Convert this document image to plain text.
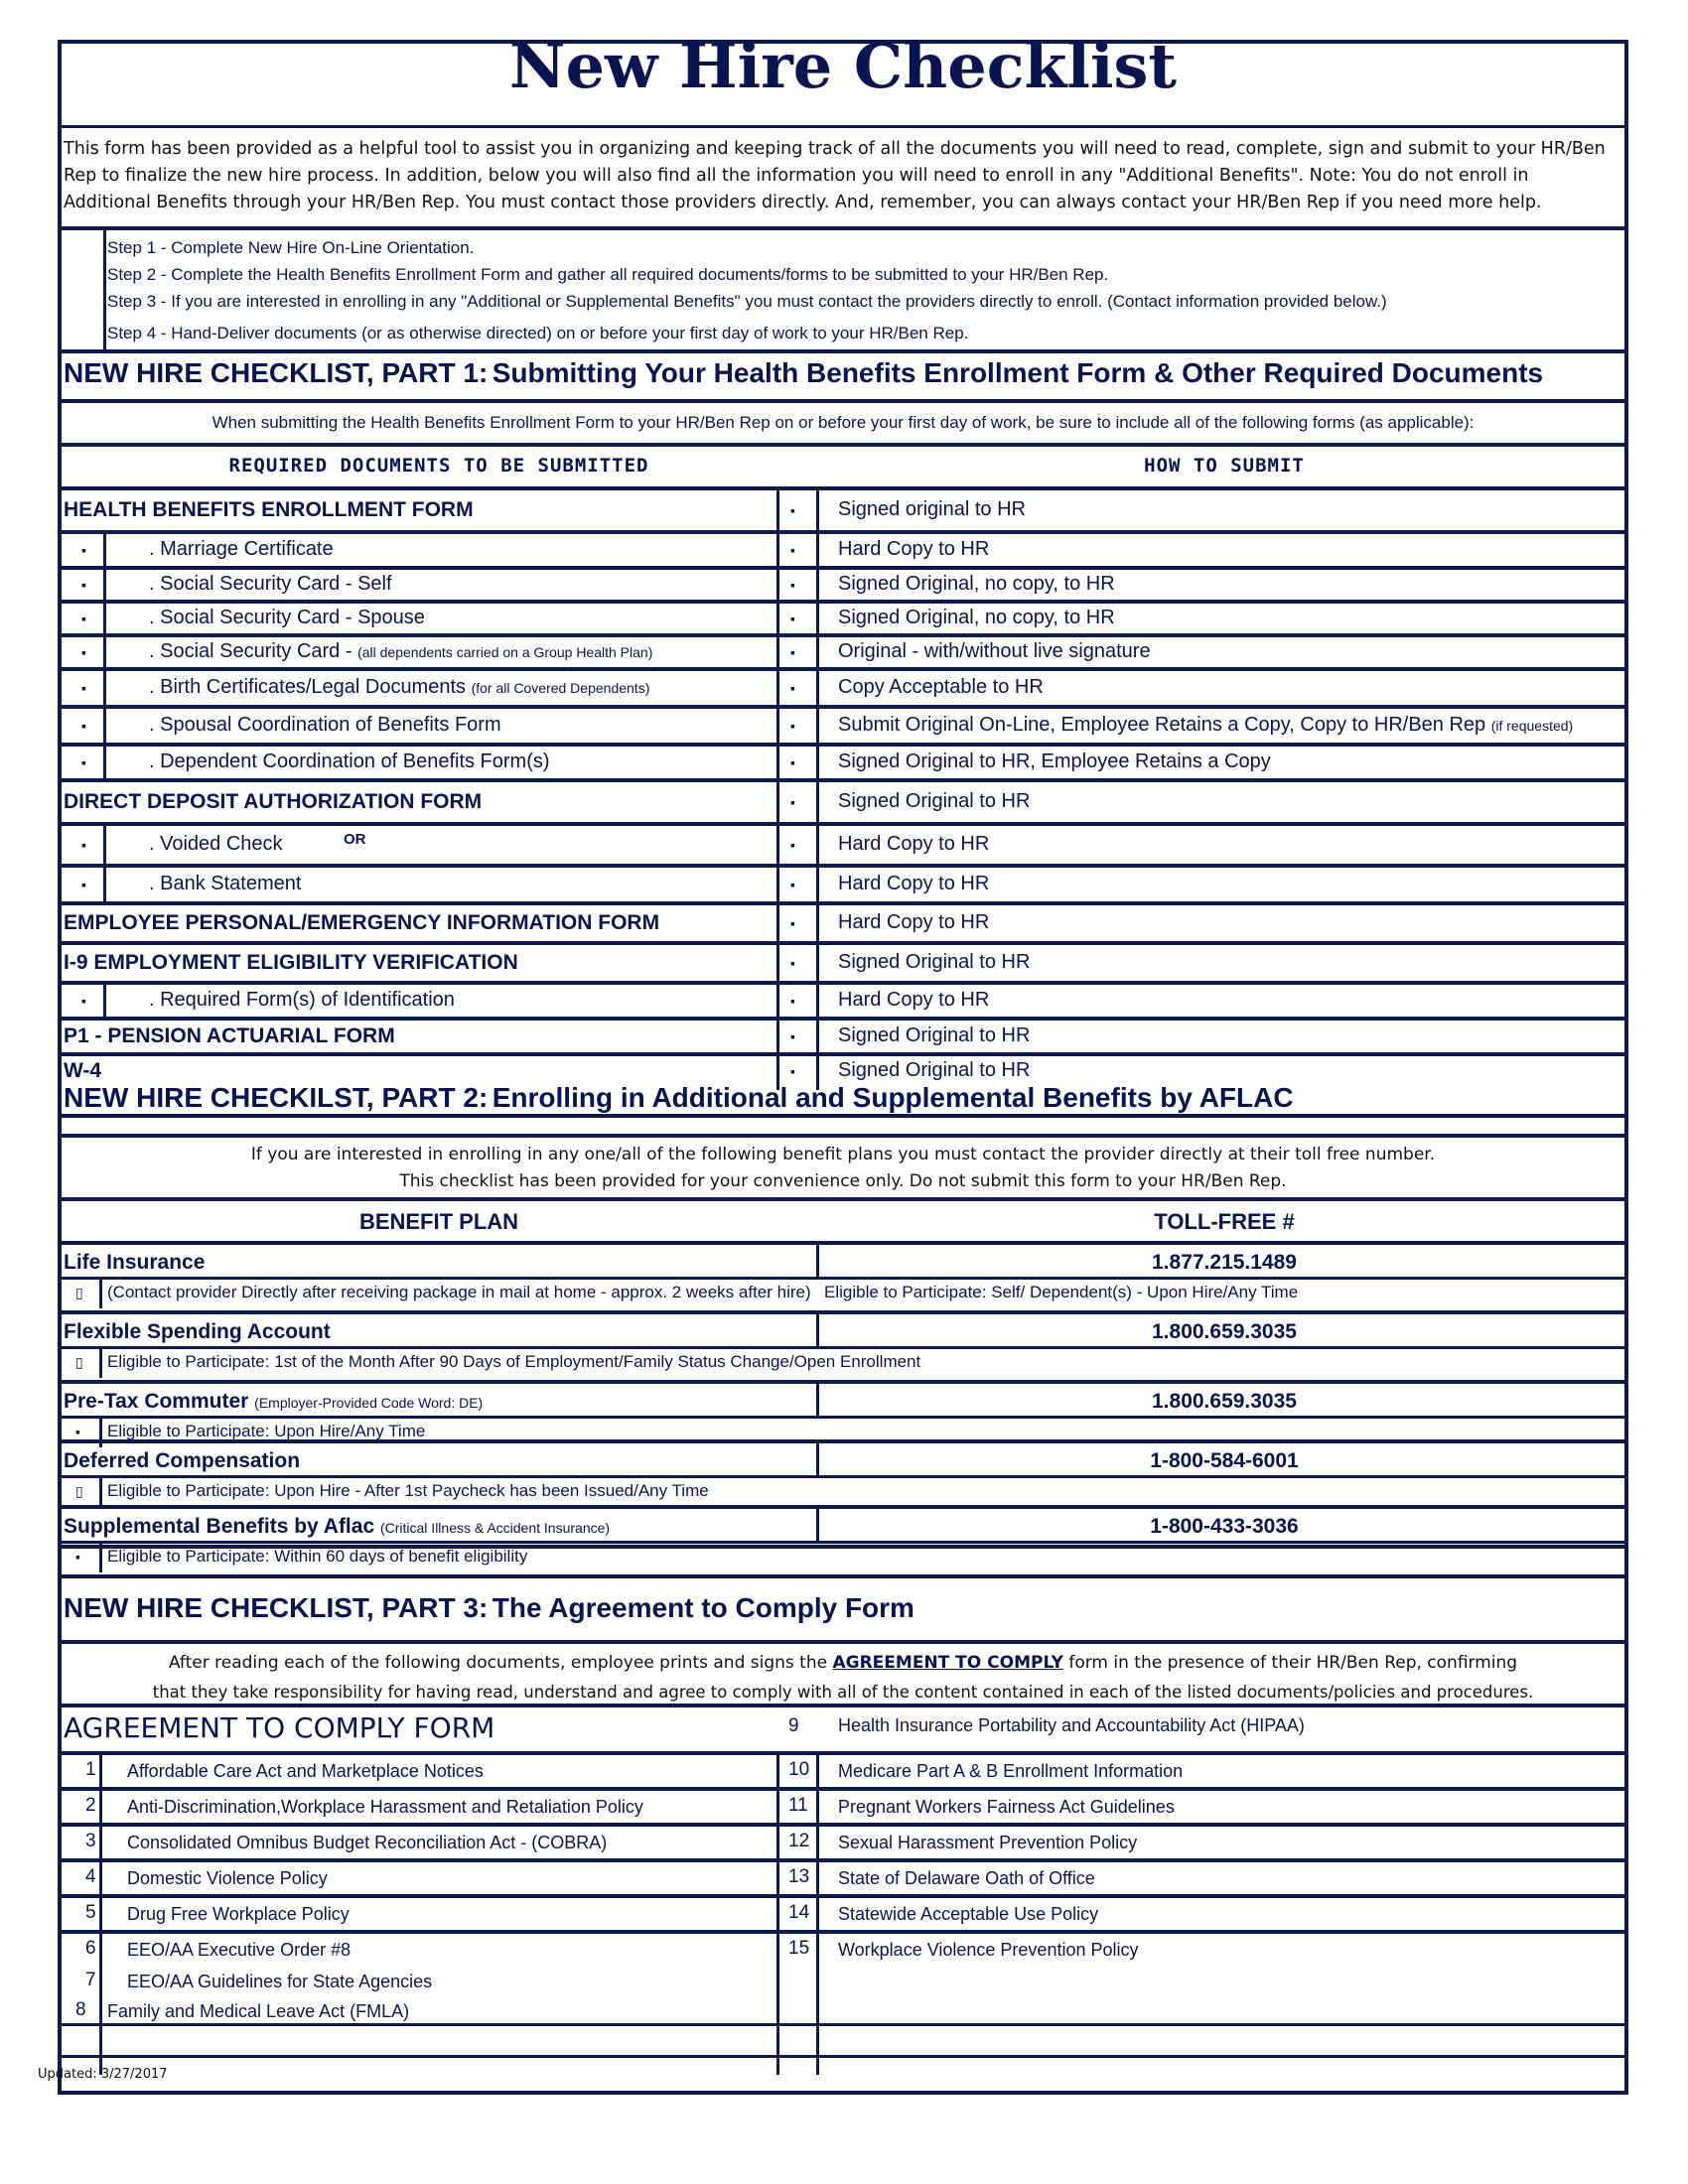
New Hire Checklist
This form has been provided as a helpful tool to assist you in organizing and keeping track of all the documents you will need to read, complete, sign and submit to your HR/Ben Rep to finalize the new hire process. In addition, below you will also find all the information you will need to enroll in any "Additional Benefits". Note: You do not enroll in Additional Benefits through your HR/Ben Rep. You must contact those providers directly. And, remember, you can always contact your HR/Ben Rep if you need more help.
Step 1 - Complete New Hire On-Line Orientation.
Step 2 - Complete the Health Benefits Enrollment Form and gather all required documents/forms to be submitted to your HR/Ben Rep.
Step 3 - If you are interested in enrolling in any "Additional or Supplemental Benefits" you must contact the providers directly to enroll. (Contact information provided below.)
Step 4 - Hand-Deliver documents (or as otherwise directed) on or before your first day of work to your HR/Ben Rep.
NEW HIRE CHECKLIST, PART 1: Submitting Your Health Benefits Enrollment Form & Other Required Documents
When submitting the Health Benefits Enrollment Form to your HR/Ben Rep on or before your first day of work, be sure to include all of the following forms (as applicable):
REQUIRED DOCUMENTS TO BE SUBMITTED	HOW TO SUBMIT
HEALTH BENEFITS ENROLLMENT FORM	▪ Signed original to HR
▪	. Marriage Certificate	▪ Hard Copy to HR
▪	. Social Security Card - Self	▪ Signed Original, no copy, to HR
▪	. Social Security Card - Spouse	▪ Signed Original, no copy, to HR
▪	. Social Security Card - (all dependents carried on a Group Health Plan)	▪ Original - with/without live signature
▪	. Birth Certificates/Legal Documents (for all Covered Dependents)	▪ Copy Acceptable to HR
▪	. Spousal Coordination of Benefits Form	▪ Submit Original On-Line, Employee Retains a Copy, Copy to HR/Ben Rep (if requested)
▪	. Dependent Coordination of Benefits Form(s)	▪ Signed Original to HR, Employee Retains a Copy
DIRECT DEPOSIT AUTHORIZATION FORM	▪ Signed Original to HR
▪	. Voided Check	▪ Hard Copy to HR
OR
▪	. Bank Statement	▪ Hard Copy to HR
EMPLOYEE PERSONAL/EMERGENCY INFORMATION FORM	▪ Hard Copy to HR
I-9 EMPLOYMENT ELIGIBILITY VERIFICATION	▪ Signed Original to HR
▪	. Required Form(s) of Identification	▪ Hard Copy to HR
P1 - PENSION ACTUARIAL FORM	▪ Signed Original to HR
W-4	▪ Signed Original to HR
NEW HIRE CHECKILST, PART 2: Enrolling in Additional and Supplemental Benefits by AFLAC
If you are interested in enrolling in any one/all of the following benefit plans you must contact the provider directly at their toll free number.
This checklist has been provided for your convenience only. Do not submit this form to your HR/Ben Rep.
BENEFIT PLAN	TOLL-FREE #
Life Insurance	1.877.215.1489
▯ (Contact provider Directly after receiving package in mail at home - approx. 2 weeks after hire) Eligible to Participate: Self/ Dependent(s) - Upon Hire/Any Time
Flexible Spending Account	1.800.659.3035
▯ Eligible to Participate: 1st of the Month After 90 Days of Employment/Family Status Change/Open Enrollment
Pre-Tax Commuter (Employer-Provided Code Word: DE)	1.800.659.3035
▪ Eligible to Participate: Upon Hire/Any Time
Deferred Compensation	1-800-584-6001
▯ Eligible to Participate: Upon Hire - After 1st Paycheck has been Issued/Any Time
Supplemental Benefits by Aflac (Critical Illness & Accident Insurance)	1-800-433-3036
▪ Eligible to Participate: Within 60 days of benefit eligibility
NEW HIRE CHECKLIST, PART 3: The Agreement to Comply Form
After reading each of the following documents, employee prints and signs the AGREEMENT TO COMPLY form in the presence of their HR/Ben Rep, confirming
that they take responsibility for having read, understand and agree to comply with all of the content contained in each of the listed documents/policies and procedures.
AGREEMENT TO COMPLY FORM	9 Health Insurance Portability and Accountability Act (HIPAA)
1 Affordable Care Act and Marketplace Notices	10 Medicare Part A & B Enrollment Information
2 Anti-Discrimination,Workplace Harassment and Retaliation Policy	11 Pregnant Workers Fairness Act Guidelines
3 Consolidated Omnibus Budget Reconciliation Act - (COBRA)	12 Sexual Harassment Prevention Policy
4 Domestic Violence Policy	13 State of Delaware Oath of Office
5 Drug Free Workplace Policy	14 Statewide Acceptable Use Policy
6 EEO/AA Executive Order #8	15 Workplace Violence Prevention Policy
7 EEO/AA Guidelines for State Agencies
8 Family and Medical Leave Act (FMLA)
Updated: 3/27/2017
